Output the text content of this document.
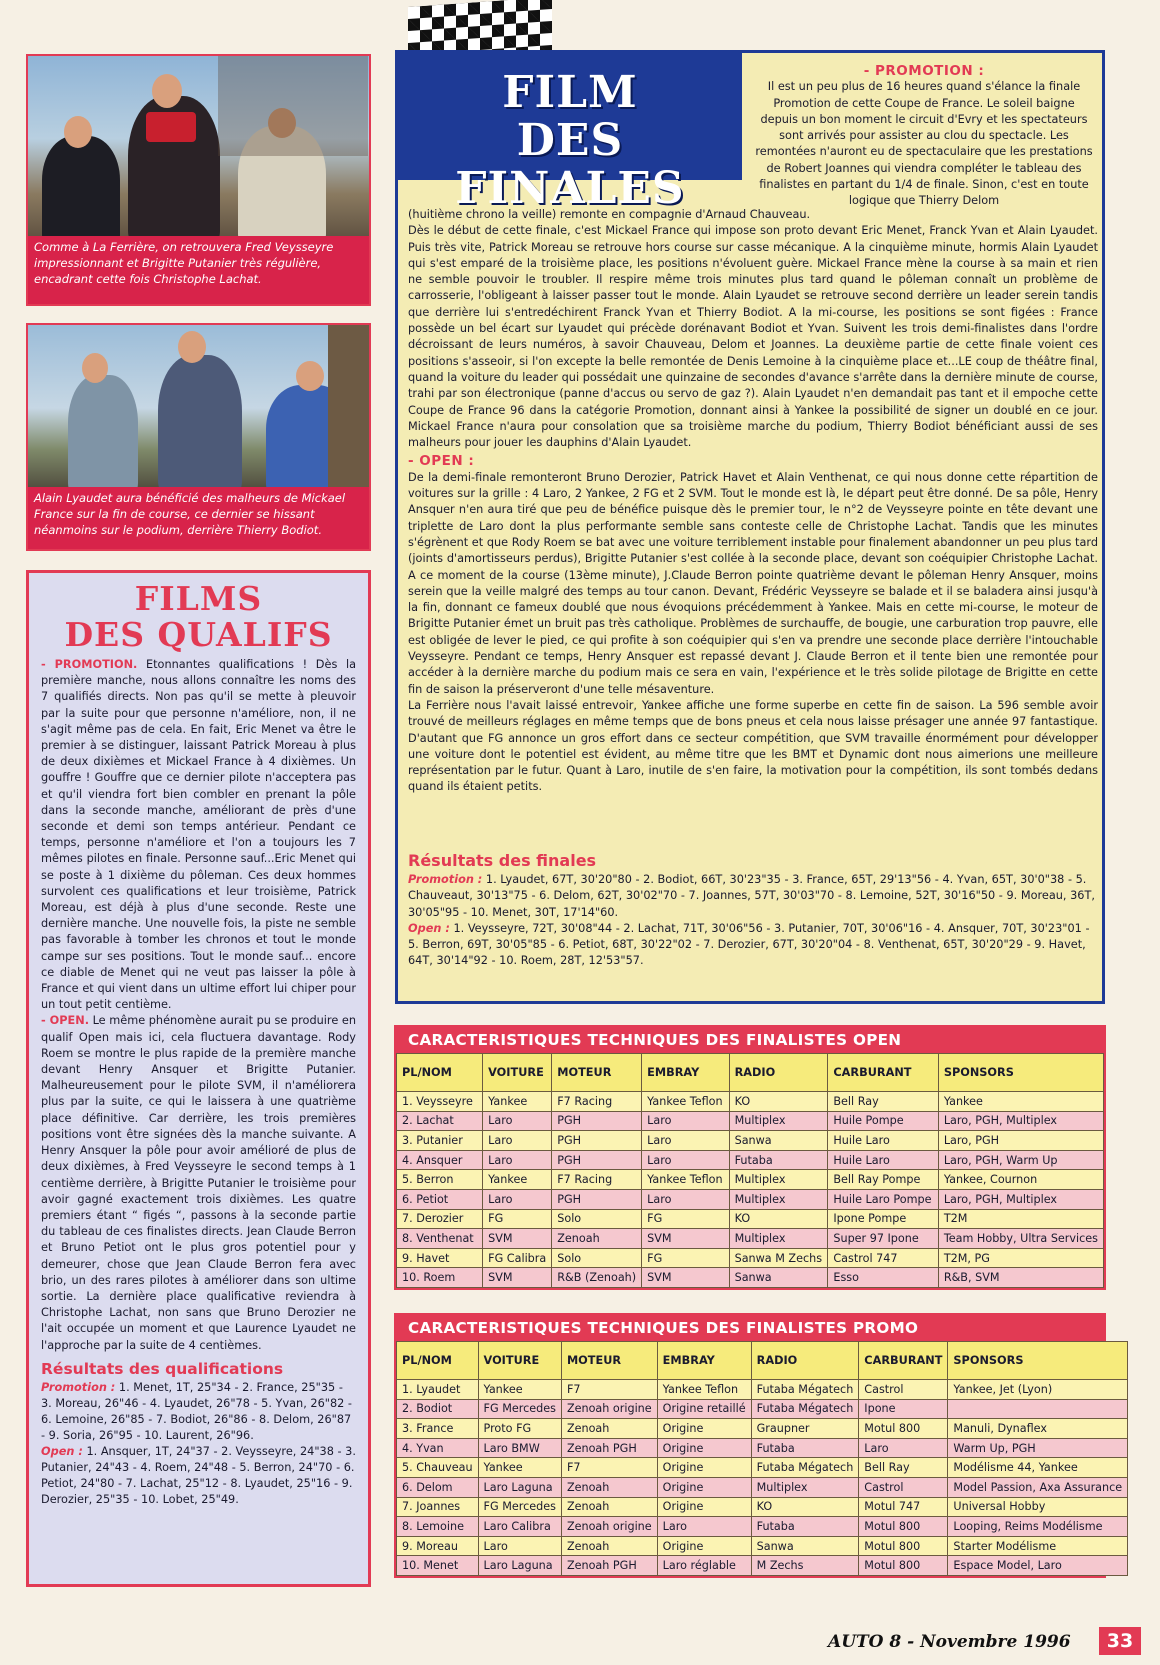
Comme à La Ferrière, on retrouvera Fred Veysseyre impressionnant et Brigitte Putanier très régulière, encadrant cette fois Christophe Lachat.
Alain Lyaudet aura bénéficié des malheurs de Mickael France sur la fin de course, ce dernier se hissant néanmoins sur le podium, derrière Thierry Bodiot.
FILMS
DES QUALIFS

- PROMOTION. Etonnantes qualifications ! Dès la première manche, nous allons connaître les noms des 7 qualifiés directs. Non pas qu'il se mette à pleuvoir par la suite pour que personne n'améliore, non, il ne s'agit même pas de cela. En fait, Eric Menet va être le premier à se distinguer, laissant Patrick Moreau à plus de deux dixièmes et Mickael France à 4 dixièmes. Un gouffre ! Gouffre que ce dernier pilote n'acceptera pas et qu'il viendra fort bien combler en prenant la pôle dans la seconde manche, améliorant de près d'une seconde et demi son temps antérieur. Pendant ce temps, personne n'améliore et l'on a toujours les 7 mêmes pilotes en finale. Personne sauf...Eric Menet qui se poste à 1 dixième du pôleman. Ces deux hommes survolent ces qualifications et leur troisième, Patrick Moreau, est déjà à plus d'une seconde. Reste une dernière manche. Une nouvelle fois, la piste ne semble pas favorable à tomber les chronos et tout le monde campe sur ses positions. Tout le monde sauf... encore ce diable de Menet qui ne veut pas laisser la pôle à France et qui vient dans un ultime effort lui chiper pour un tout petit centième.

- OPEN. Le même phénomène aurait pu se produire en qualif Open mais ici, cela fluctuera davantage. Rody Roem se montre le plus rapide de la première manche devant Henry Ansquer et Brigitte Putanier. Malheureusement pour le pilote SVM, il n'améliorera plus par la suite, ce qui le laissera à une quatrième place définitive. Car derrière, les trois premières positions vont être signées dès la manche suivante. A Henry Ansquer la pôle pour avoir amélioré de plus de deux dixièmes, à Fred Veysseyre le second temps à 1 centième derrière, à Brigitte Putanier le troisième pour avoir gagné exactement trois dixièmes. Les quatre premiers étant “ figés “, passons à la seconde partie du tableau de ces finalistes directs. Jean Claude Berron et Bruno Petiot ont le plus gros potentiel pour y demeurer, chose que Jean Claude Berron fera avec brio, un des rares pilotes à améliorer dans son ultime sortie. La dernière place qualificative reviendra à Christophe Lachat, non sans que Bruno Derozier ne l'ait occupée un moment et que Laurence Lyaudet ne l'approche par la suite de 4 centièmes.

Résultats des qualifications

Promotion : 1. Menet, 1T, 25"34 - 2. France, 25"35 - 3. Moreau, 26"46 - 4. Lyaudet, 26"78 - 5. Yvan, 26"82 - 6. Lemoine, 26"85 - 7. Bodiot, 26"86 - 8. Delom, 26"87 - 9. Soria, 26"95 - 10. Laurent, 26"96.

Open : 1. Ansquer, 1T, 24"37 - 2. Veysseyre, 24"38 - 3. Putanier, 24"43 - 4. Roem, 24"48 - 5. Berron, 24"70 - 6. Petiot, 24"80 - 7. Lachat, 25"12 - 8. Lyaudet, 25"16 - 9. Derozier, 25"35 - 10. Lobet, 25"49.

FILM
DES FINALES
- PROMOTION :

Il est un peu plus de 16 heures quand s'élance la finale Promotion de cette Coupe de France. Le soleil baigne depuis un bon moment le circuit d'Evry et les spectateurs sont arrivés pour assister au clou du spectacle. Les remontées n'auront eu de spectaculaire que les prestations de Robert Joannes qui viendra compléter le tableau des finalistes en partant du 1/4 de finale. Sinon, c'est en toute logique que Thierry Delom

(huitième chrono la veille) remonte en compagnie d'Arnaud Chauveau.

Dès le début de cette finale, c'est Mickael France qui impose son proto devant Eric Menet, Franck Yvan et Alain Lyaudet. Puis très vite, Patrick Moreau se retrouve hors course sur casse mécanique. A la cinquième minute, hormis Alain Lyaudet qui s'est emparé de la troisième place, les positions n'évoluent guère. Mickael France mène la course à sa main et rien ne semble pouvoir le troubler. Il respire même trois minutes plus tard quand le pôleman connaît un problème de carrosserie, l'obligeant à laisser passer tout le monde. Alain Lyaudet se retrouve second derrière un leader serein tandis que derrière lui s'entredéchirent Franck Yvan et Thierry Bodiot. A la mi-course, les positions se sont figées : France possède un bel écart sur Lyaudet qui précède dorénavant Bodiot et Yvan. Suivent les trois demi-finalistes dans l'ordre décroissant de leurs numéros, à savoir Chauveau, Delom et Joannes. La deuxième partie de cette finale voient ces positions s'asseoir, si l'on excepte la belle remontée de Denis Lemoine à la cinquième place et...LE coup de théâtre final, quand la voiture du leader qui possédait une quinzaine de secondes d'avance s'arrête dans la dernière minute de course, trahi par son électronique (panne d'accus ou servo de gaz ?). Alain Lyaudet n'en demandait pas tant et il empoche cette Coupe de France 96 dans la catégorie Promotion, donnant ainsi à Yankee la possibilité de signer un doublé en ce jour. Mickael France n'aura pour consolation que sa troisième marche du podium, Thierry Bodiot bénéficiant aussi de ses malheurs pour jouer les dauphins d'Alain Lyaudet.

- OPEN :

De la demi-finale remonteront Bruno Derozier, Patrick Havet et Alain Venthenat, ce qui nous donne cette répartition de voitures sur la grille : 4 Laro, 2 Yankee, 2 FG et 2 SVM. Tout le monde est là, le départ peut être donné. De sa pôle, Henry Ansquer n'en aura tiré que peu de bénéfice puisque dès le premier tour, le n°2 de Veysseyre pointe en tête devant une triplette de Laro dont la plus performante semble sans conteste celle de Christophe Lachat. Tandis que les minutes s'égrènent et que Rody Roem se bat avec une voiture terriblement instable pour finalement abandonner un peu plus tard (joints d'amortisseurs perdus), Brigitte Putanier s'est collée à la seconde place, devant son coéquipier Christophe Lachat. A ce moment de la course (13ème minute), J.Claude Berron pointe quatrième devant le pôleman Henry Ansquer, moins serein que la veille malgré des temps au tour canon. Devant, Frédéric Veysseyre se balade et il se baladera ainsi jusqu'à la fin, donnant ce fameux doublé que nous évoquions précédemment à Yankee. Mais en cette mi-course, le moteur de Brigitte Putanier émet un bruit pas très catholique. Problèmes de surchauffe, de bougie, une carburation trop pauvre, elle est obligée de lever le pied, ce qui profite à son coéquipier qui s'en va prendre une seconde place derrière l'intouchable Veysseyre. Pendant ce temps, Henry Ansquer est repassé devant J. Claude Berron et il tente bien une remontée pour accéder à la dernière marche du podium mais ce sera en vain, l'expérience et le très solide pilotage de Brigitte en cette fin de saison la préserveront d'une telle mésaventure.

La Ferrière nous l'avait laissé entrevoir, Yankee affiche une forme superbe en cette fin de saison. La 596 semble avoir trouvé de meilleurs réglages en même temps que de bons pneus et cela nous laisse présager une année 97 fantastique. D'autant que FG annonce un gros effort dans ce secteur compétition, que SVM travaille énormément pour développer une voiture dont le potentiel est évident, au même titre que les BMT et Dynamic dont nous aimerions une meilleure représentation par le futur. Quant à Laro, inutile de s'en faire, la motivation pour la compétition, ils sont tombés dedans quand ils étaient petits.

Résultats des finales

Promotion : 1. Lyaudet, 67T, 30'20"80 - 2. Bodiot, 66T, 30'23"35 - 3. France, 65T, 29'13"56 - 4. Yvan, 65T, 30'0"38 - 5. Chauveaut, 30'13"75 - 6. Delom, 62T, 30'02"70 - 7. Joannes, 57T, 30'03"70 - 8. Lemoine, 52T, 30'16"50 - 9. Moreau, 36T, 30'05"95 - 10. Menet, 30T, 17'14"60.

Open : 1. Veysseyre, 72T, 30'08"44 - 2. Lachat, 71T, 30'06"56 - 3. Putanier, 70T, 30'06"16 - 4. Ansquer, 70T, 30'23"01 - 5. Berron, 69T, 30'05"85 - 6. Petiot, 68T, 30'22"02 - 7. Derozier, 67T, 30'20"04 - 8. Venthenat, 65T, 30'20"29 - 9. Havet, 64T, 30'14"92 - 10. Roem, 28T, 12'53"57.

CARACTERISTIQUES TECHNIQUES DES FINALISTES OPEN
PL/NOM	VOITURE	MOTEUR	EMBRAY	RADIO	CARBURANT	SPONSORS
1. Veysseyre	Yankee	F7 Racing	Yankee Teflon	KO	Bell Ray	Yankee
2. Lachat	Laro	PGH	Laro	Multiplex	Huile Pompe	Laro, PGH, Multiplex
3. Putanier	Laro	PGH	Laro	Sanwa	Huile Laro	Laro, PGH
4. Ansquer	Laro	PGH	Laro	Futaba	Huile Laro	Laro, PGH, Warm Up
5. Berron	Yankee	F7 Racing	Yankee Teflon	Multiplex	Bell Ray Pompe	Yankee, Cournon
6. Petiot	Laro	PGH	Laro	Multiplex	Huile Laro Pompe	Laro, PGH, Multiplex
7. Derozier	FG	Solo	FG	KO	Ipone Pompe	T2M
8. Venthenat	SVM	Zenoah	SVM	Multiplex	Super 97 Ipone	Team Hobby, Ultra Services
9. Havet	FG Calibra	Solo	FG	Sanwa M Zechs	Castrol 747	T2M, PG
10. Roem	SVM	R&B (Zenoah)	SVM	Sanwa	Esso	R&B, SVM
CARACTERISTIQUES TECHNIQUES DES FINALISTES PROMO
PL/NOM	VOITURE	MOTEUR	EMBRAY	RADIO	CARBURANT	SPONSORS
1. Lyaudet	Yankee	F7	Yankee Teflon	Futaba Mégatech	Castrol	Yankee, Jet (Lyon)
2. Bodiot	FG Mercedes	Zenoah origine	Origine retaillé	Futaba Mégatech	Ipone	
3. France	Proto FG	Zenoah	Origine	Graupner	Motul 800	Manuli, Dynaflex
4. Yvan	Laro BMW	Zenoah PGH	Origine	Futaba	Laro	Warm Up, PGH
5. Chauveau	Yankee	F7	Origine	Futaba Mégatech	Bell Ray	Modélisme 44, Yankee
6. Delom	Laro Laguna	Zenoah	Origine	Multiplex	Castrol	Model Passion, Axa Assurance
7. Joannes	FG Mercedes	Zenoah	Origine	KO	Motul 747	Universal Hobby
8. Lemoine	Laro Calibra	Zenoah origine	Laro	Futaba	Motul 800	Looping, Reims Modélisme
9. Moreau	Laro	Zenoah	Origine	Sanwa	Motul 800	Starter Modélisme
10. Menet	Laro Laguna	Zenoah PGH	Laro réglable	M Zechs	Motul 800	Espace Model, Laro
AUTO 8 - Novembre 1996	33
